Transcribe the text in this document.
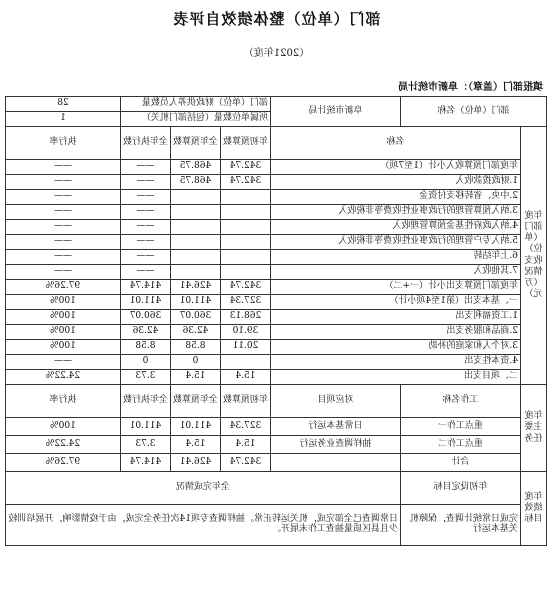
部门（单位）整体绩效自评表
（2021年度）
填报部门（盖章）：阜新市统计局
部门（单位）名称		阜新市统计局	部门（单位）财政供养人员数量			28
			所属单位数量（包括部门机关）			1
年度部门（单位）收支情况（万元）	名称		年初预算数	全年预算数	全年执行数	执行率
	年度部门预算收入小计（1至7项）		342.74	468.75	——	——
	1.财政拨款收入		342.74	468.75	——	——
	2.中央、省转移支付资金				——	——
	3.纳入预算管理的行政事业性收费等非税收入				——	——
	4.纳入政府性基金预算管理收入				——	——
	5.纳入专户管理的行政事业性收费等非税收入				——	——
	6.上年结转				——	——
	7.其他收入				——	——
	年度部门预算支出小计（一+二）		342.74	426.41	414.74	97.26%
	一、基本支出（第1至4项小计）		327.34	411.01	411.01	100%
	1.工资福利支出		268.13	360.07	360.07	100%
	2.商品和服务支出		39.10	42.36	42.36	100%
	3.对个人和家庭的补助		20.11	8.58	8.58	100%
	4.资本性支出			0	0	——
	二、项目支出		15.4	15.4	3.73	24.22%
年度主要任务	工作名称	对应项目	年初预算数	全年预算数	全年执行数	执行率
	重点工作一	日常基本运行	327.34	411.01	411.01	100%
	重点工作二	抽样调查业务运行	15.4	15.4	3.73	24.22%
	合计		342.74	426.41	414.74	97.26%
年度绩效目标	年初设定目标	全年完成情况				
	完成日常统计调查，保障机关基本运行	日常调查已全部完成，机关运转正常。抽样调查专项14次任务全完成，由于疫情影响，开展培训较少且县区质量抽查工作未展开。				
